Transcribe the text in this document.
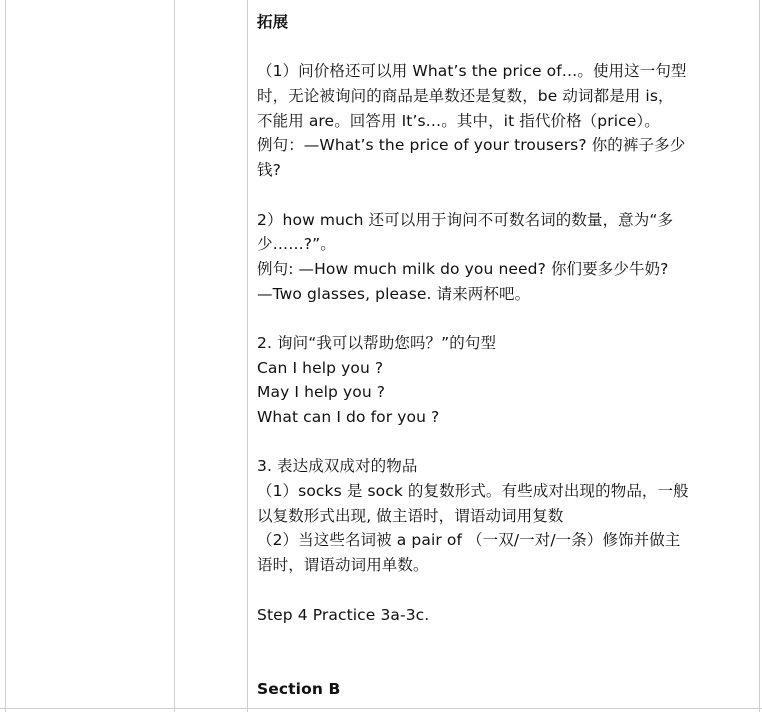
拓展
（1）问价格还可以用 What’s the price of…。使用这一句型
时，无论被询问的商品是单数还是复数，be 动词都是用 is，
不能用 are。回答用 It’s…。其中，it 指代价格（price）。
例句：—What’s the price of your trousers? 你的裤子多少
钱?
2）how much 还可以用于询问不可数名词的数量，意为“多
少……?”。
例句: —How much milk do you need? 你们要多少牛奶?
—Two glasses, please. 请来两杯吧。
2. 询问“我可以帮助您吗？”的句型
Can I help you ?
May I help you ?
What can I do for you ?
3. 表达成双成对的物品
（1）socks 是 sock 的复数形式。有些成对出现的物品，一般
以复数形式出现, 做主语时，谓语动词用复数
（2）当这些名词被 a pair of （一双/一对/一条）修饰并做主
语时，谓语动词用单数。
Step 4 Practice 3a-3c.
Section B
